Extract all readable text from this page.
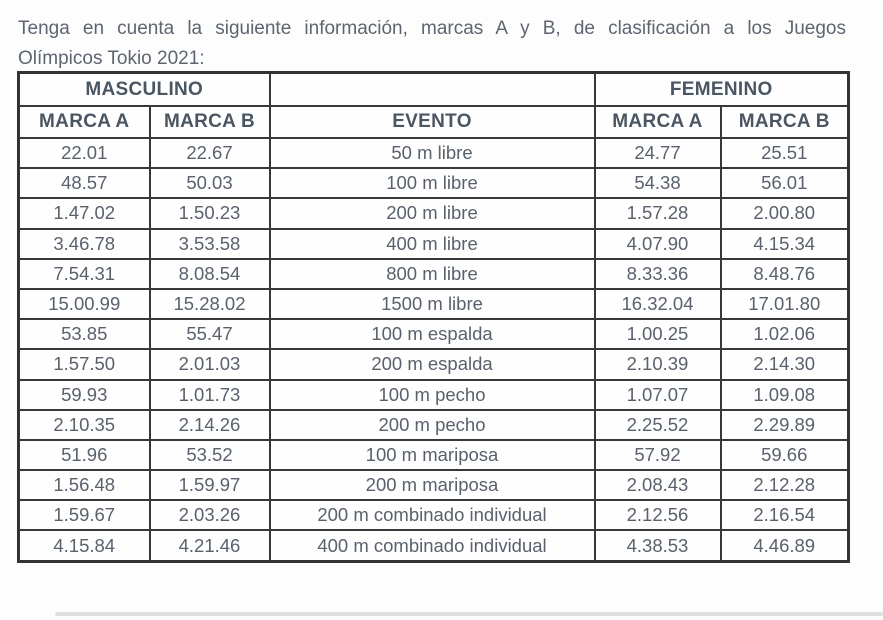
Tenga en cuenta la siguiente información, marcas A y B, de clasificación a los Juegos
Olímpicos Tokio 2021:
MASCULINO			FEMENINO	
MARCA A	MARCA B	EVENTO	MARCA A	MARCA B
22.01	22.67	50 m libre	24.77	25.51
48.57	50.03	100 m libre	54.38	56.01
1.47.02	1.50.23	200 m libre	1.57.28	2.00.80
3.46.78	3.53.58	400 m libre	4.07.90	4.15.34
7.54.31	8.08.54	800 m libre	8.33.36	8.48.76
15.00.99	15.28.02	1500 m libre	16.32.04	17.01.80
53.85	55.47	100 m espalda	1.00.25	1.02.06
1.57.50	2.01.03	200 m espalda	2.10.39	2.14.30
59.93	1.01.73	100 m pecho	1.07.07	1.09.08
2.10.35	2.14.26	200 m pecho	2.25.52	2.29.89
51.96	53.52	100 m mariposa	57.92	59.66
1.56.48	1.59.97	200 m mariposa	2.08.43	2.12.28
1.59.67	2.03.26	200 m combinado individual	2.12.56	2.16.54
4.15.84	4.21.46	400 m combinado individual	4.38.53	4.46.89
